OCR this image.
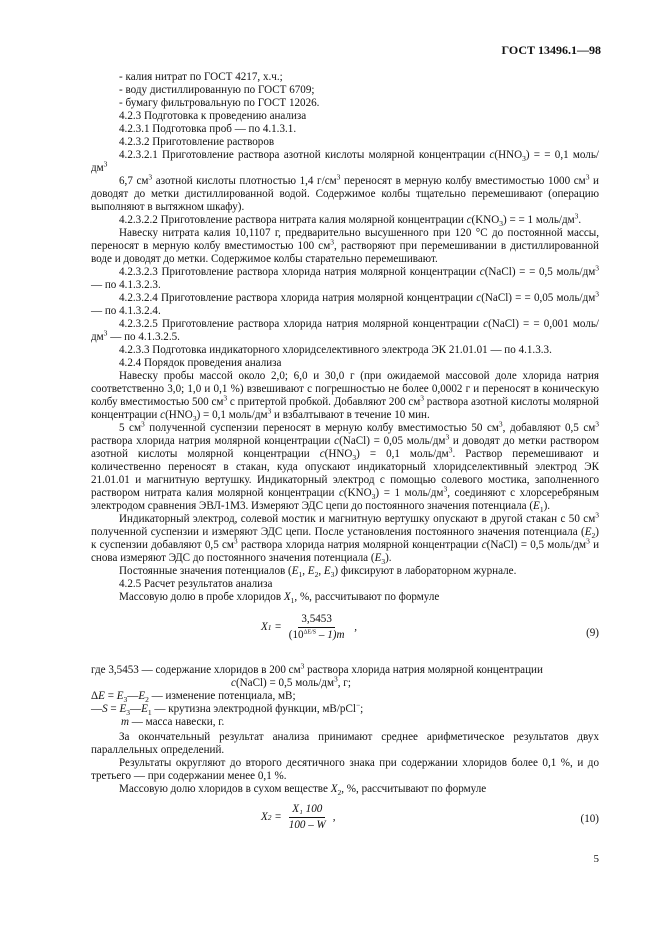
ГОСТ 13496.1—98

- калия нитрат по ГОСТ 4217, х.ч.;

- воду дистиллированную по ГОСТ 6709;

- бумагу фильтровальную по ГОСТ 12026.

4.2.3 Подготовка к проведению анализа

4.2.3.1 Подготовка проб — по 4.1.3.1.

4.2.3.2 Приготовление растворов

4.2.3.2.1 Приготовление раствора азотной кислоты молярной концентрации $c(HNO_3)$ = = 0,1 моль/$дм^3$

6,7 $см^3$ азотной кислоты плотностью 1,4 $г/см^3$ переносят в мерную колбу вместимостью 1000 $см^3$ и доводят до метки дистиллированной водой. Содержимое колбы тщательно перемешивают (операцию выполняют в вытяжном шкафу).

4.2.3.2.2 Приготовление раствора нитрата калия молярной концентрации $c(KNO_3)$ = = 1 моль/$дм^3$.

Навеску нитрата калия 10,1107 г, предварительно высушенного при 120 °С до постоянной массы, переносят в мерную колбу вместимостью 100 $см^3$, растворяют при перемешивании в дистиллированной воде и доводят до метки. Содержимое колбы старательно перемешивают.

4.2.3.2.3 Приготовление раствора хлорида натрия молярной концентрации c(NaCl) = = 0,5 моль/$дм^3$ — по 4.1.3.2.3.

4.2.3.2.4 Приготовление раствора хлорида натрия молярной концентрации c(NaCl) = = 0,05 моль/$дм^3$ — по 4.1.3.2.4.

4.2.3.2.5 Приготовление раствора хлорида натрия молярной концентрации c(NaCl) = = 0,001 моль/$дм^3$ — по 4.1.3.2.5.

4.2.3.3 Подготовка индикаторного хлоридселективного электрода ЭК 21.01.01 — по 4.1.3.3.

4.2.4 Порядок проведения анализа

Навеску пробы массой около 2,0; 6,0 и 30,0 г (при ожидаемой массовой доле хлорида натрия соответственно 3,0; 1,0 и 0,1 %) взвешивают с погрешностью не более 0,0002 г и переносят в коническую колбу вместимостью 500 $см^3$ с притертой пробкой. Добавляют 200 $см^3$ раствора азотной кислоты молярной концентрации $c(HNO_3) = 0,1$ моль/$дм^3$ и взбалтывают в течение 10 мин.

5 $см^3$ полученной суспензии переносят в мерную колбу вместимостью 50 $см^3$, добавляют 0,5 $см^3$ раствора хлорида натрия молярной концентрации c(NaCl) = 0,05 моль/$дм^3$ и доводят до метки раствором азотной кислоты молярной концентрации $c(HNO_3) = 0,1$ моль/$дм^3$. Раствор перемешивают и количественно переносят в стакан, куда опускают индикаторный хлоридселективный электрод ЭК 21.01.01 и магнитную вертушку. Индикаторный электрод с помощью солевого мостика, заполненного раствором нитрата калия молярной концентрации $c(KNO_3) = 1$ моль/$дм^3$, соединяют с хлорсеребряным электродом сравнения ЭВЛ-1М3. Измеряют ЭДС цепи до постоянного значения потенциала $(E_1)$.

Индикаторный электрод, солевой мостик и магнитную вертушку опускают в другой стакан с 50 $см^3$ полученной суспензии и измеряют ЭДС цепи. После установления постоянного значения потенциала $(E_2)$ к суспензии добавляют 0,5 $см^3$ раствора хлорида натрия молярной концентрации c(NaCl) = 0,5 моль/$дм^3$ и снова измеряют ЭДС до постоянного значения потенциала $(E_3)$.

Постоянные значения потенциалов ($E_1$, $E_2$, $E_3$) фиксируют в лабораторном журнале.

4.2.5 Расчет результатов анализа

Массовую долю в пробе хлоридов $X_1$, %, рассчитывают по формуле

X $1 = \frac{3,5453}{(10^{\Delta E/S} - 1)m}$ ,	(9)

где 3,5453 — содержание хлоридов в 200 $см^3$ раствора хлорида натрия молярной концентрации

c(NaCl) = 0,5 моль/$дм^3$, г;

$\Delta E = E_3—E_2$ — изменение потенциала, мВ;

—S = $E_3—E_1$ — крутизна электродной функции, мВ/рCl−;

m — масса навески, г.

За окончательный результат анализа принимают среднее арифметическое результатов двух параллельных определений.

Результаты округляют до второго десятичного знака при содержании хлоридов более 0,1 %, и до третьего — при содержании менее 0,1 %.

Массовую долю хлоридов в сухом веществе $X_2$, %, рассчитывают по формуле

X $2 = \frac{\text{X₁ 100}}{100 - W}$ ,	(10)
5
